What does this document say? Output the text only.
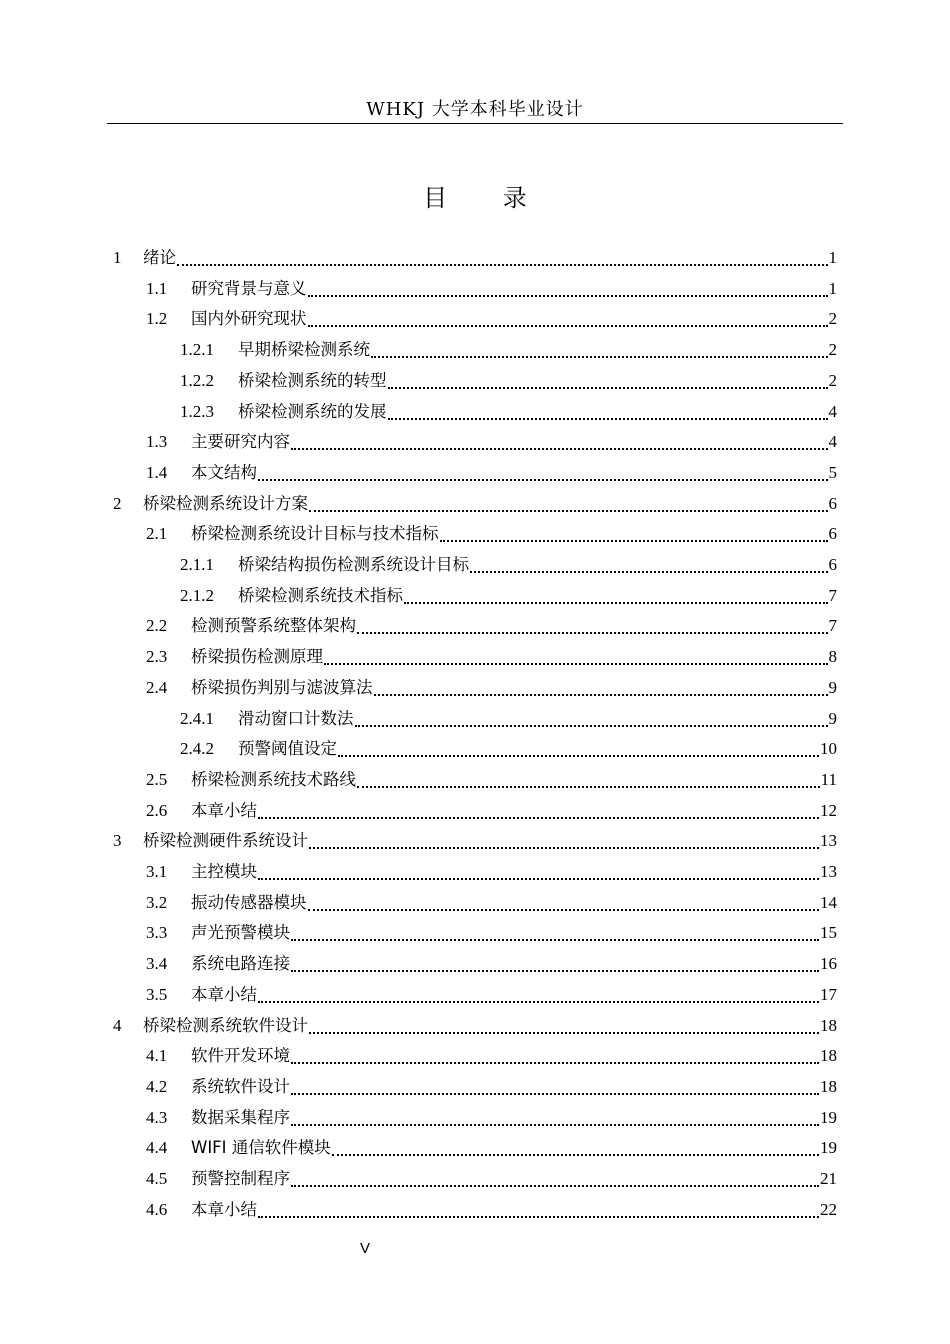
WHKJ 大学本科毕业设计
目 录
1	绪论	1
1.1	研究背景与意义	1
1.2	国内外研究现状	2
1.2.1	早期桥梁检测系统	2
1.2.2	桥梁检测系统的转型	2
1.2.3	桥梁检测系统的发展	4
1.3	主要研究内容	4
1.4	本文结构	5
2	桥梁检测系统设计方案	6
2.1	桥梁检测系统设计目标与技术指标	6
2.1.1	桥梁结构损伤检测系统设计目标	6
2.1.2	桥梁检测系统技术指标	7
2.2	检测预警系统整体架构	7
2.3	桥梁损伤检测原理	8
2.4	桥梁损伤判别与滤波算法	9
2.4.1	滑动窗口计数法	9
2.4.2	预警阈值设定	10
2.5	桥梁检测系统技术路线	11
2.6	本章小结	12
3	桥梁检测硬件系统设计	13
3.1	主控模块	13
3.2	振动传感器模块	14
3.3	声光预警模块	15
3.4	系统电路连接	16
3.5	本章小结	17
4	桥梁检测系统软件设计	18
4.1	软件开发环境	18
4.2	系统软件设计	18
4.3	数据采集程序	19
4.4	WIFI 通信软件模块	19
4.5	预警控制程序	21
4.6	本章小结	22
V
